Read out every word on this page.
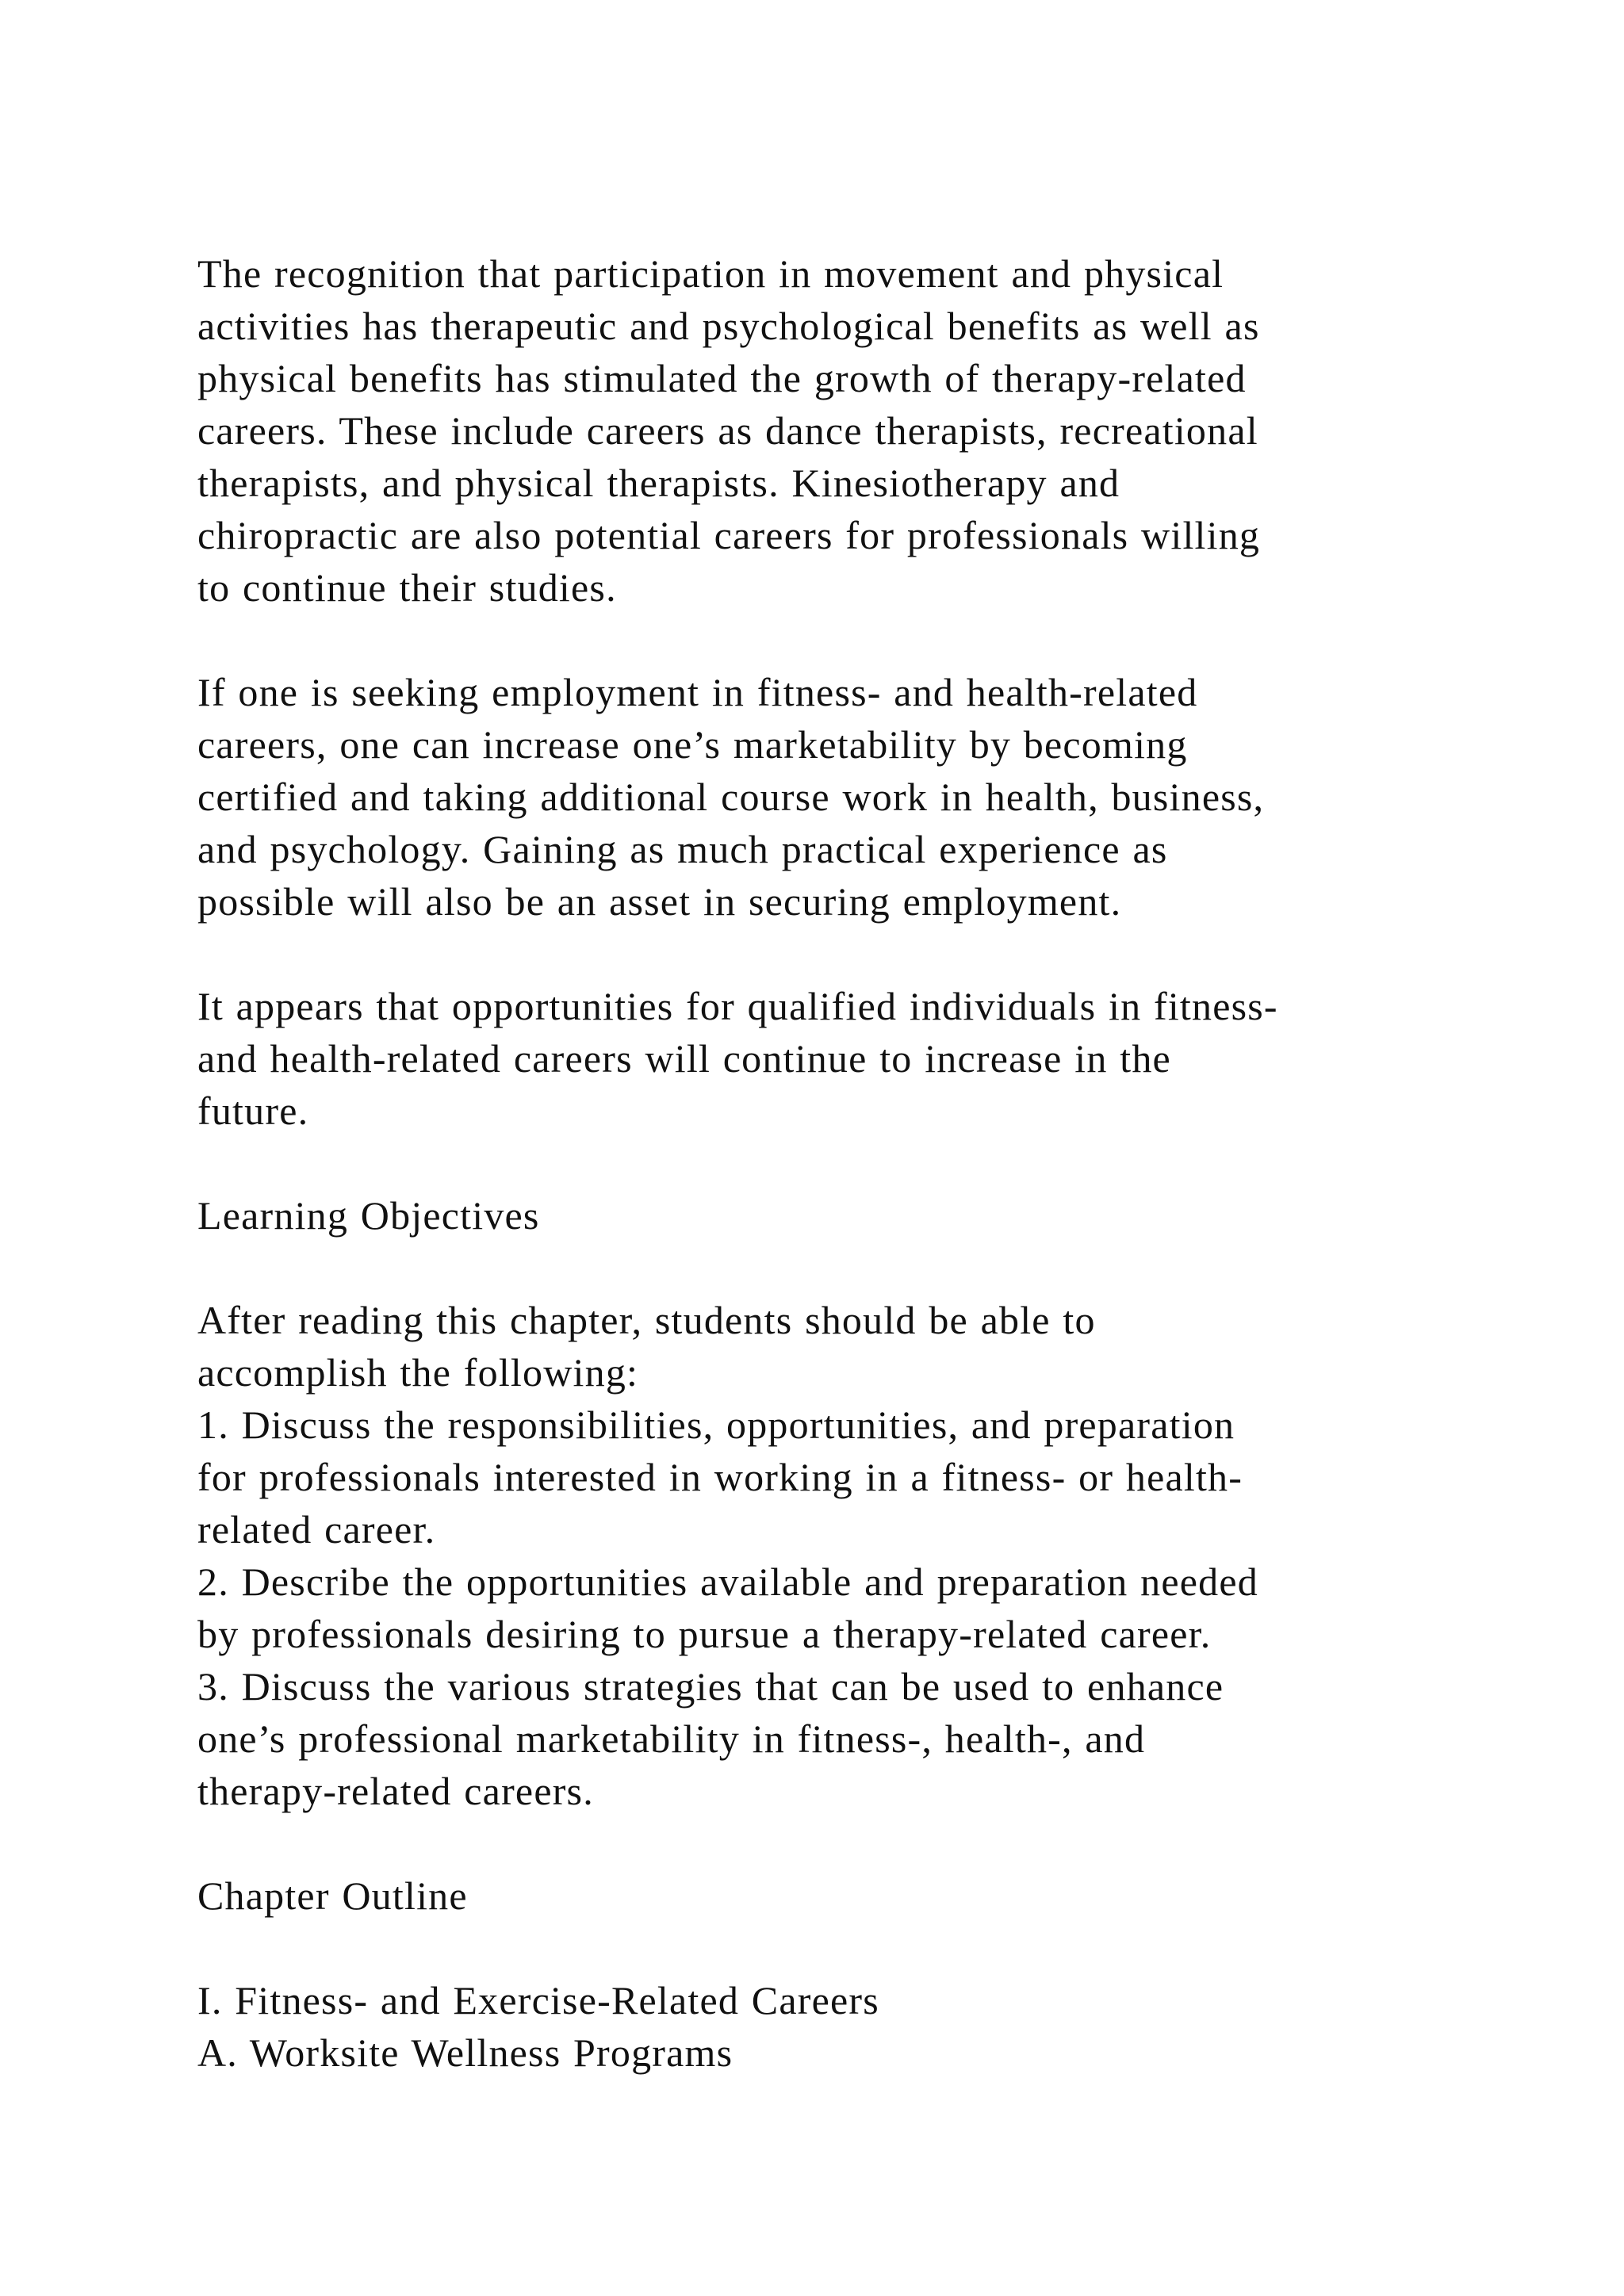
The recognition that participation in movement and physical
activities has therapeutic and psychological benefits as well as
physical benefits has stimulated the growth of therapy-related
careers. These include careers as dance therapists, recreational
therapists, and physical therapists. Kinesiotherapy and
chiropractic are also potential careers for professionals willing
to continue their studies.
If one is seeking employment in fitness- and health-related
careers, one can increase one’s marketability by becoming
certified and taking additional course work in health, business,
and psychology. Gaining as much practical experience as
possible will also be an asset in securing employment.
It appears that opportunities for qualified individuals in fitness-
and health-related careers will continue to increase in the
future.
Learning Objectives
After reading this chapter, students should be able to
accomplish the following:
1. Discuss the responsibilities, opportunities, and preparation
for professionals interested in working in a fitness- or health-
related career.
2. Describe the opportunities available and preparation needed
by professionals desiring to pursue a therapy-related career.
3. Discuss the various strategies that can be used to enhance
one’s professional marketability in fitness-, health-, and
therapy-related careers.
Chapter Outline
I. Fitness- and Exercise-Related Careers
A. Worksite Wellness Programs
